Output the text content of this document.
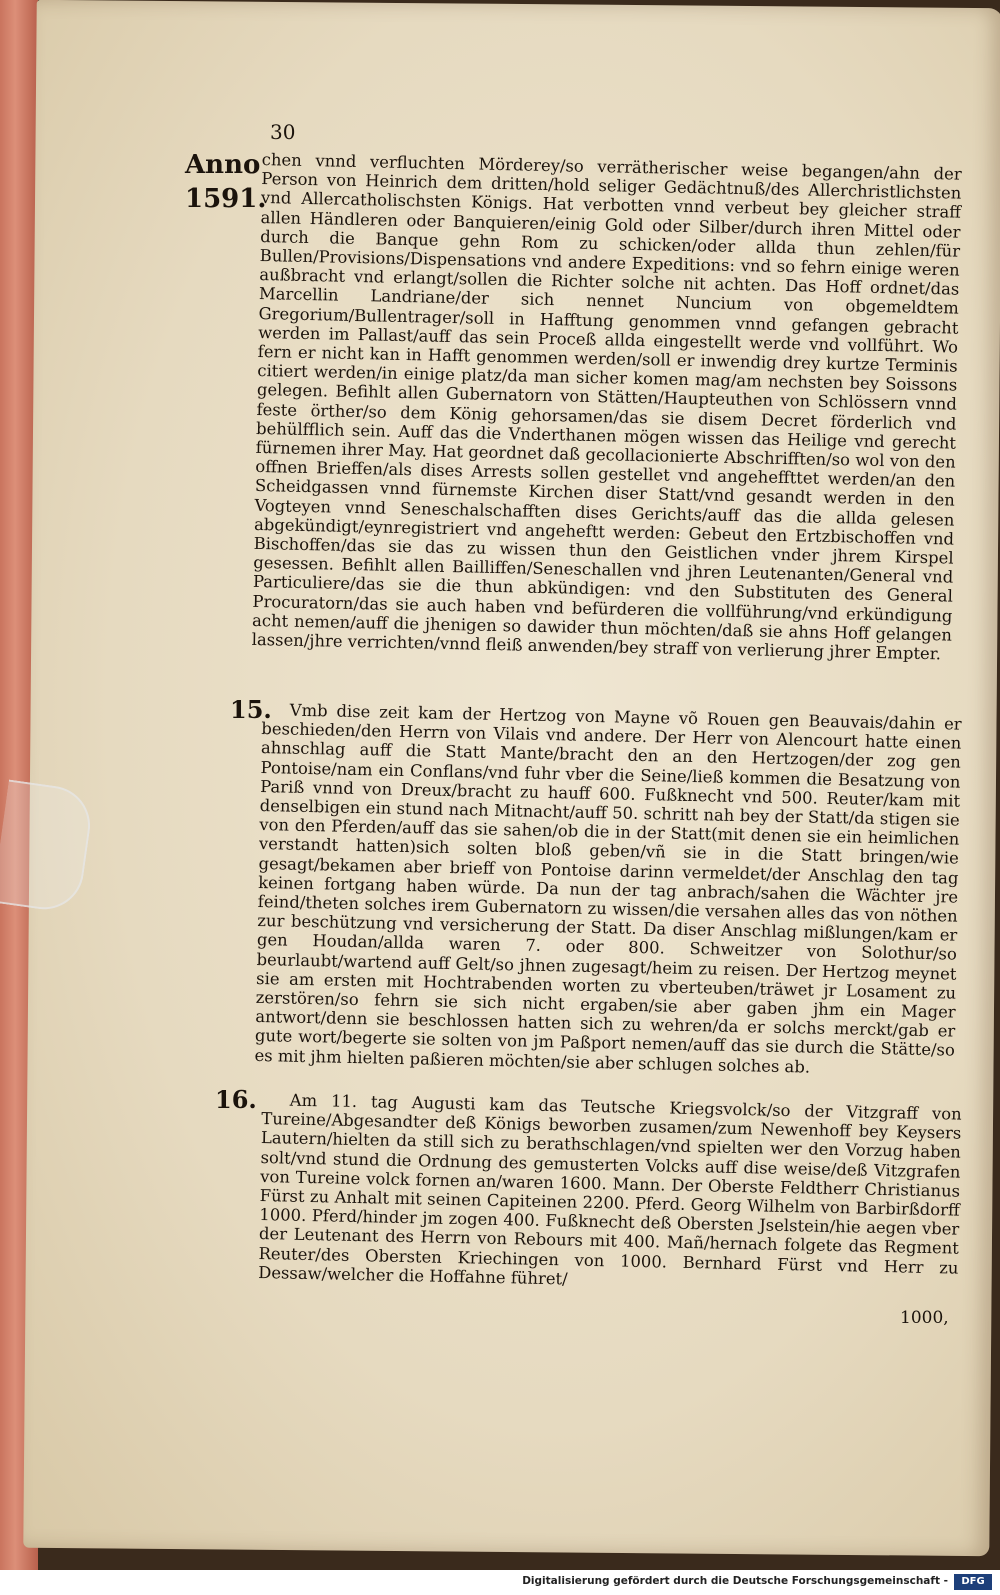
30
Anno
1591.
15.
16.

chen vnnd verfluchten Mörderey/so verrätherischer weise begangen/ahn der Person von Heinrich dem dritten/hold seliger Gedächtnuß/des Allerchristlichsten vnd Allercatholischsten Königs. Hat verbotten vnnd verbeut bey gleicher straff allen Händleren oder Banquieren/einig Gold oder Silber/durch ihren Mittel oder durch die Banque gehn Rom zu schicken/oder allda thun zehlen/für Bullen/Provisions/Dispensations vnd andere Expeditions: vnd so fehrn einige weren außbracht vnd erlangt/sollen die Richter solche nit achten. Das Hoff ordnet/das Marcellin Landriane/der sich nennet Nuncium von obgemeldtem Gregorium/Bullentrager/soll in Hafftung genommen vnnd gefangen gebracht werden im Pallast/auff das sein Proceß allda eingestellt werde vnd vollführt. Wo fern er nicht kan in Hafft genommen werden/soll er inwendig drey kurtze Terminis citiert werden/in einige platz/da man sicher komen mag/am nechsten bey Soissons gelegen. Befihlt allen Gubernatorn von Stätten/Haupteuthen von Schlössern vnnd feste örther/so dem König gehorsamen/das sie disem Decret förderlich vnd behülfflich sein. Auff das die Vnderthanen mögen wissen das Heilige vnd gerecht fürnemen ihrer May. Hat geordnet daß gecollacionierte Abschrifften/so wol von den offnen Brieffen/als dises Arrests sollen gestellet vnd angeheffttet werden/an den Scheidgassen vnnd fürnemste Kirchen diser Statt/vnd gesandt werden in den Vogteyen vnnd Seneschalschafften dises Gerichts/auff das die allda gelesen abgekündigt/eynregistriert vnd angeheftt werden: Gebeut den Ertzbischoffen vnd Bischoffen/das sie das zu wissen thun den Geistlichen vnder jhrem Kirspel gesessen. Befihlt allen Bailliffen/Seneschallen vnd jhren Leutenanten/General vnd Particuliere/das sie die thun abkündigen: vnd den Substituten des General Procuratorn/das sie auch haben vnd befürderen die vollführung/vnd erkündigung acht nemen/auff die jhenigen so dawider thun möchten/daß sie ahns Hoff gelangen lassen/jhre verrichten/vnnd fleiß anwenden/bey straff von verlierung jhrer Empter.

Vmb dise zeit kam der Hertzog von Mayne võ Rouen gen Beauvais/dahin er beschieden/den Herrn von Vilais vnd andere. Der Herr von Alencourt hatte einen ahnschlag auff die Statt Mante/bracht den an den Hertzogen/der zog gen Pontoise/nam ein Conflans/vnd fuhr vber die Seine/ließ kommen die Besatzung von Pariß vnnd von Dreux/bracht zu hauff 600. Fußknecht vnd 500. Reuter/kam mit denselbigen ein stund nach Mitnacht/auff 50. schritt nah bey der Statt/da stigen sie von den Pferden/auff das sie sahen/ob die in der Statt(mit denen sie ein heimlichen verstandt hatten)sich solten bloß geben/vñ sie in die Statt bringen/wie gesagt/bekamen aber brieff von Pontoise darinn vermeldet/der Anschlag den tag keinen fortgang haben würde. Da nun der tag anbrach/sahen die Wächter jre feind/theten solches irem Gubernatorn zu wissen/die versahen alles das von nöthen zur beschützung vnd versicherung der Statt. Da diser Anschlag mißlungen/kam er gen Houdan/allda waren 7. oder 800. Schweitzer von Solothur/so beurlaubt/wartend auff Gelt/so jhnen zugesagt/heim zu reisen. Der Hertzog meynet sie am ersten mit Hochtrabenden worten zu vberteuben/träwet jr Losament zu zerstören/so fehrn sie sich nicht ergaben/sie aber gaben jhm ein Mager antwort/denn sie beschlossen hatten sich zu wehren/da er solchs merckt/gab er gute wort/begerte sie solten von jm Paßport nemen/auff das sie durch die Stätte/so es mit jhm hielten paßieren möchten/sie aber schlugen solches ab.

Am 11. tag Augusti kam das Teutsche Kriegsvolck/so der Vitzgraff von Tureine/Abgesandter deß Königs beworben zusamen/zum Newenhoff bey Keysers Lautern/hielten da still sich zu berathschlagen/vnd spielten wer den Vorzug haben solt/vnd stund die Ordnung des gemusterten Volcks auff dise weise/deß Vitzgrafen von Tureine volck fornen an/waren 1600. Mann. Der Oberste Feldtherr Christianus Fürst zu Anhalt mit seinen Capiteinen 2200. Pferd. Georg Wilhelm von Barbirßdorff 1000. Pferd/hinder jm zogen 400. Fußknecht deß Obersten Jselstein/hie aegen vber der Leutenant des Herrn von Rebours mit 400. Mañ/hernach folgete das Regment Reuter/des Obersten Kriechingen von 1000. Bernhard Fürst vnd Herr zu Dessaw/welcher die Hoffahne führet/

1000,
Digitalisierung gefördert durch die Deutsche Forschungsgemeinschaft -	DFG
